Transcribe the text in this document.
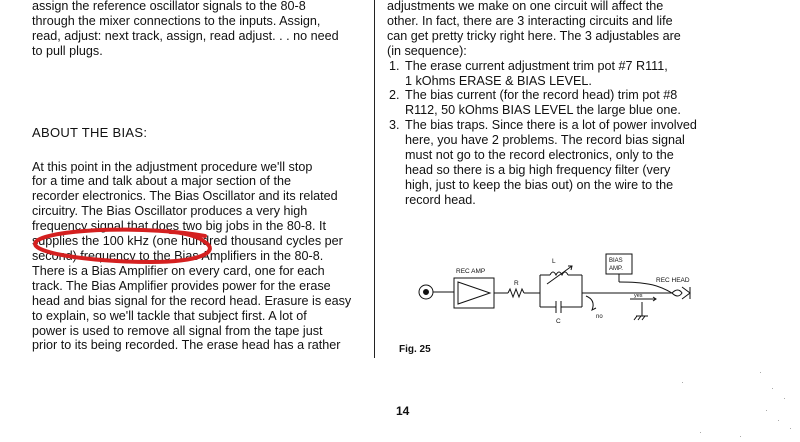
assign the reference oscillator signals to the 80-8
through the mixer connections to the inputs. Assign,
read, adjust: next track, assign, read adjust. . . no need
to pull plugs.

ABOUT THE BIAS:

At this point in the adjustment procedure we'll stop
for a time and talk about a major section of the
recorder electronics. The Bias Oscillator and its related
circuitry. The Bias Oscillator produces a very high
frequency signal that does two big jobs in the 80-8. It
supplies the 100 kHz (one hundred thousand cycles per
second) frequency to the Bias Amplifiers in the 80-8.
There is a Bias Amplifier on every card, one for each
track. The Bias Amplifier provides power for the erase
head and bias signal for the record head. Erasure is easy
to explain, so we'll tackle that subject first. A lot of
power is used to remove all signal from the tape just
prior to its being recorded. The erase head has a rather

adjustments we make on one circuit will affect the
other. In fact, there are 3 interacting circuits and life
can get pretty tricky right here. The 3 adjustables are
(in sequence):

1. The erase current adjustment trim pot #7 R111,
1 kOhms ERASE & BIAS LEVEL.
2. The bias current (for the record head) trim pot #8
R112, 50 kOhms BIAS LEVEL the large blue one.
3. The bias traps. Since there is a lot of power involved
here, you have 2 problems. The record bias signal
must not go to the record electronics, only to the
head so there is a big high frequency filter (very
high, just to keep the bias out) on the wire to the
record head.
REC AMP
R
L
C
BIAS
AMP.
no
yes
REC HEAD
Fig. 25
14
